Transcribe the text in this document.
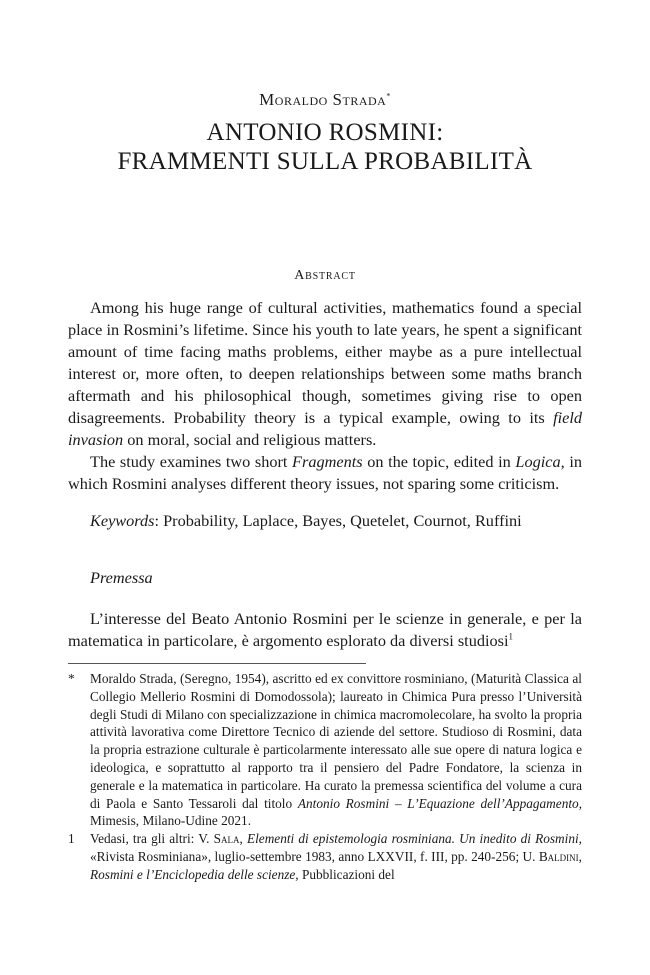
Moraldo Strada*
ANTONIO ROSMINI:
FRAMMENTI SULLA PROBABILITÀ
Abstract

Among his huge range of cultural activities, mathematics found a special place in Rosmini’s lifetime. Since his youth to late years, he spent a significant amount of time facing maths problems, either maybe as a pure intellectual interest or, more often, to deepen relationships between some maths branch aftermath and his philosophical though, sometimes giving rise to open disagreements. Probability theory is a typical example, owing to its field invasion on moral, social and religious matters.

The study examines two short Fragments on the topic, edited in Logica, in which Rosmini analyses different theory issues, not sparing some criticism.

Keywords: Probability, Laplace, Bayes, Quetelet, Cournot, Ruffini

Premessa

L’interesse del Beato Antonio Rosmini per le scienze in generale, e per la matematica in particolare, è argomento esplorato da diversi studiosi$^1$

* Moraldo Strada, (Seregno, 1954), ascritto ed ex convittore rosminiano, (Maturità Classica al Collegio Mellerio Rosmini di Domodossola); laureato in Chimica Pura presso l’Università degli Studi di Milano con specializzazione in chimica macromolecolare, ha svolto la propria attività lavorativa come Direttore Tecnico di aziende del settore. Studioso di Rosmini, data la propria estrazione culturale è particolarmente interessato alle sue opere di natura logica e ideologica, e soprattutto al rapporto tra il pensiero del Padre Fondatore, la scienza in generale e la matematica in particolare. Ha curato la premessa scientifica del volume a cura di Paola e Santo Tessaroli dal titolo Antonio Rosmini – L’Equazione dell’Appagamento, Mimesis, Milano-Udine 2021.

1 Vedasi, tra gli altri: V. Sala, Elementi di epistemologia rosminiana. Un inedito di Rosmini, «Rivista Rosminiana», luglio-settembre 1983, anno LXXVII, f. III, pp. 240-256; U. Baldini, Rosmini e l’Enciclopedia delle scienze, Pubblicazioni del
